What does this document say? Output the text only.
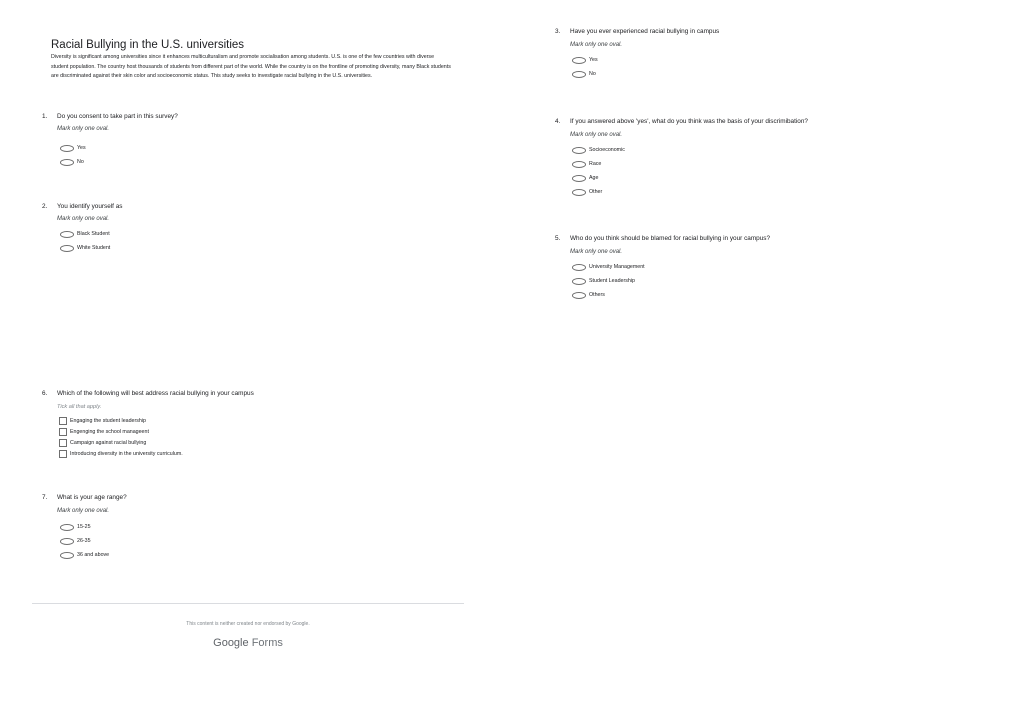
Racial Bullying in the U.S. universities

Diversity is significant among universities since it enhances multiculturalism and promote socialisation among students. U.S. is one of the few countries with diverse student population. The country host thousands of students from different part of the world. While the country is on the frontline of promoting diversity, many Black students are discriminated against their skin color and socioeconomic status. This study seeks to investigate racial bullying in the U.S. universities.

1.	Do you consent to take part in this survey?
Mark only one oval.
Yes
No
2.	You identify yourself as
Mark only one oval.
Black Student
White Student
3.	Have you ever experienced racial bullying in campus
Mark only one oval.
Yes
No
4.	If you answered above 'yes', what do you think was the basis of your discrimibation?
Mark only one oval.
Socioeconomic
Race
Age
Other
5.	Who do you think should be blamed for racial bullying in your campus?
Mark only one oval.
University Management
Student Leadership
Others
6.	Which of the following will best address racial bullying in your campus
Tick all that apply.
Engaging the student leadership
Engenging the school manageent
Campaign against racial bullying
Introducing diversity in the university curriculum.
7.	What is your age range?
Mark only one oval.
15-25
26-35
36 and above
This content is neither created nor endorsed by Google.
Google Forms
